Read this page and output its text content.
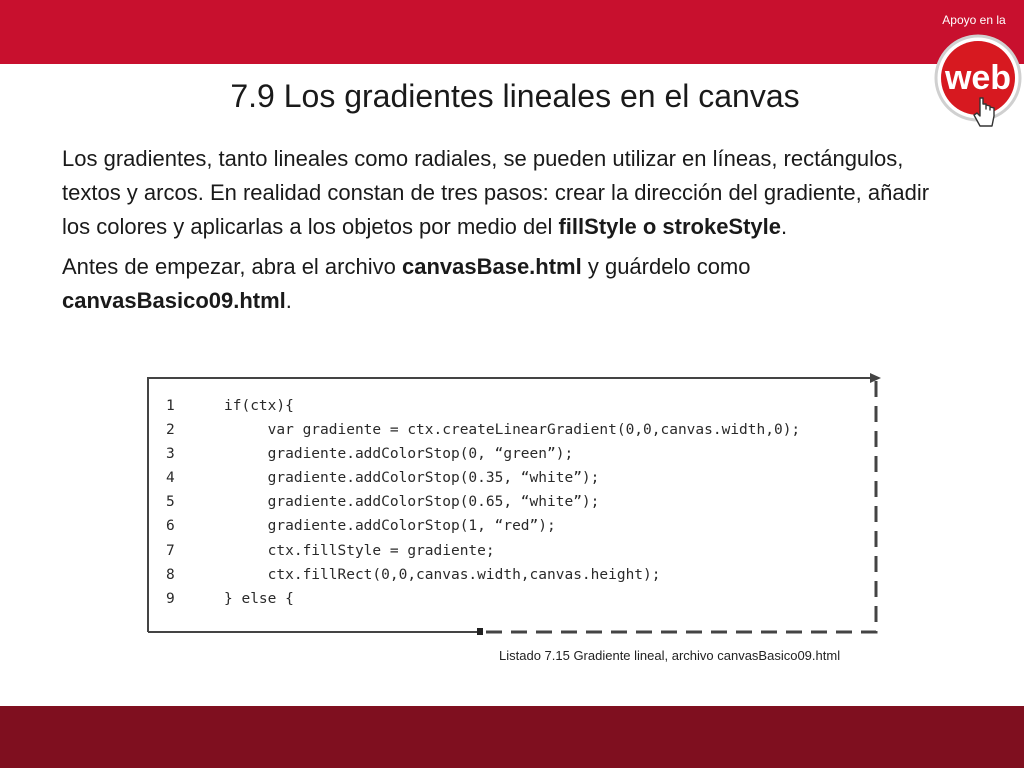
web
Apoyo en la
7.9 Los gradientes lineales en el canvas

Los gradientes, tanto lineales como radiales, se pueden utilizar en líneas, rectángulos, textos y arcos. En realidad constan de tres pasos: crear la dirección del gradiente, añadir los colores y aplicarlas a los objetos por medio del fillStyle o strokeStyle.

Antes de empezar, abra el archivo canvasBase.html y guárdelo como canvasBasico09.html.

1	if(ctx){
2	var gradiente = ctx.createLinearGradient(0,0,canvas.width,0);
3	gradiente.addColorStop(0, “green”);
4	gradiente.addColorStop(0.35, “white”);
5	gradiente.addColorStop(0.65, “white”);
6	gradiente.addColorStop(1, “red”);
7	ctx.fillStyle = gradiente;
8	ctx.fillRect(0,0,canvas.width,canvas.height);
9	} else {
Listado 7.15 Gradiente lineal, archivo canvasBasico09.html
